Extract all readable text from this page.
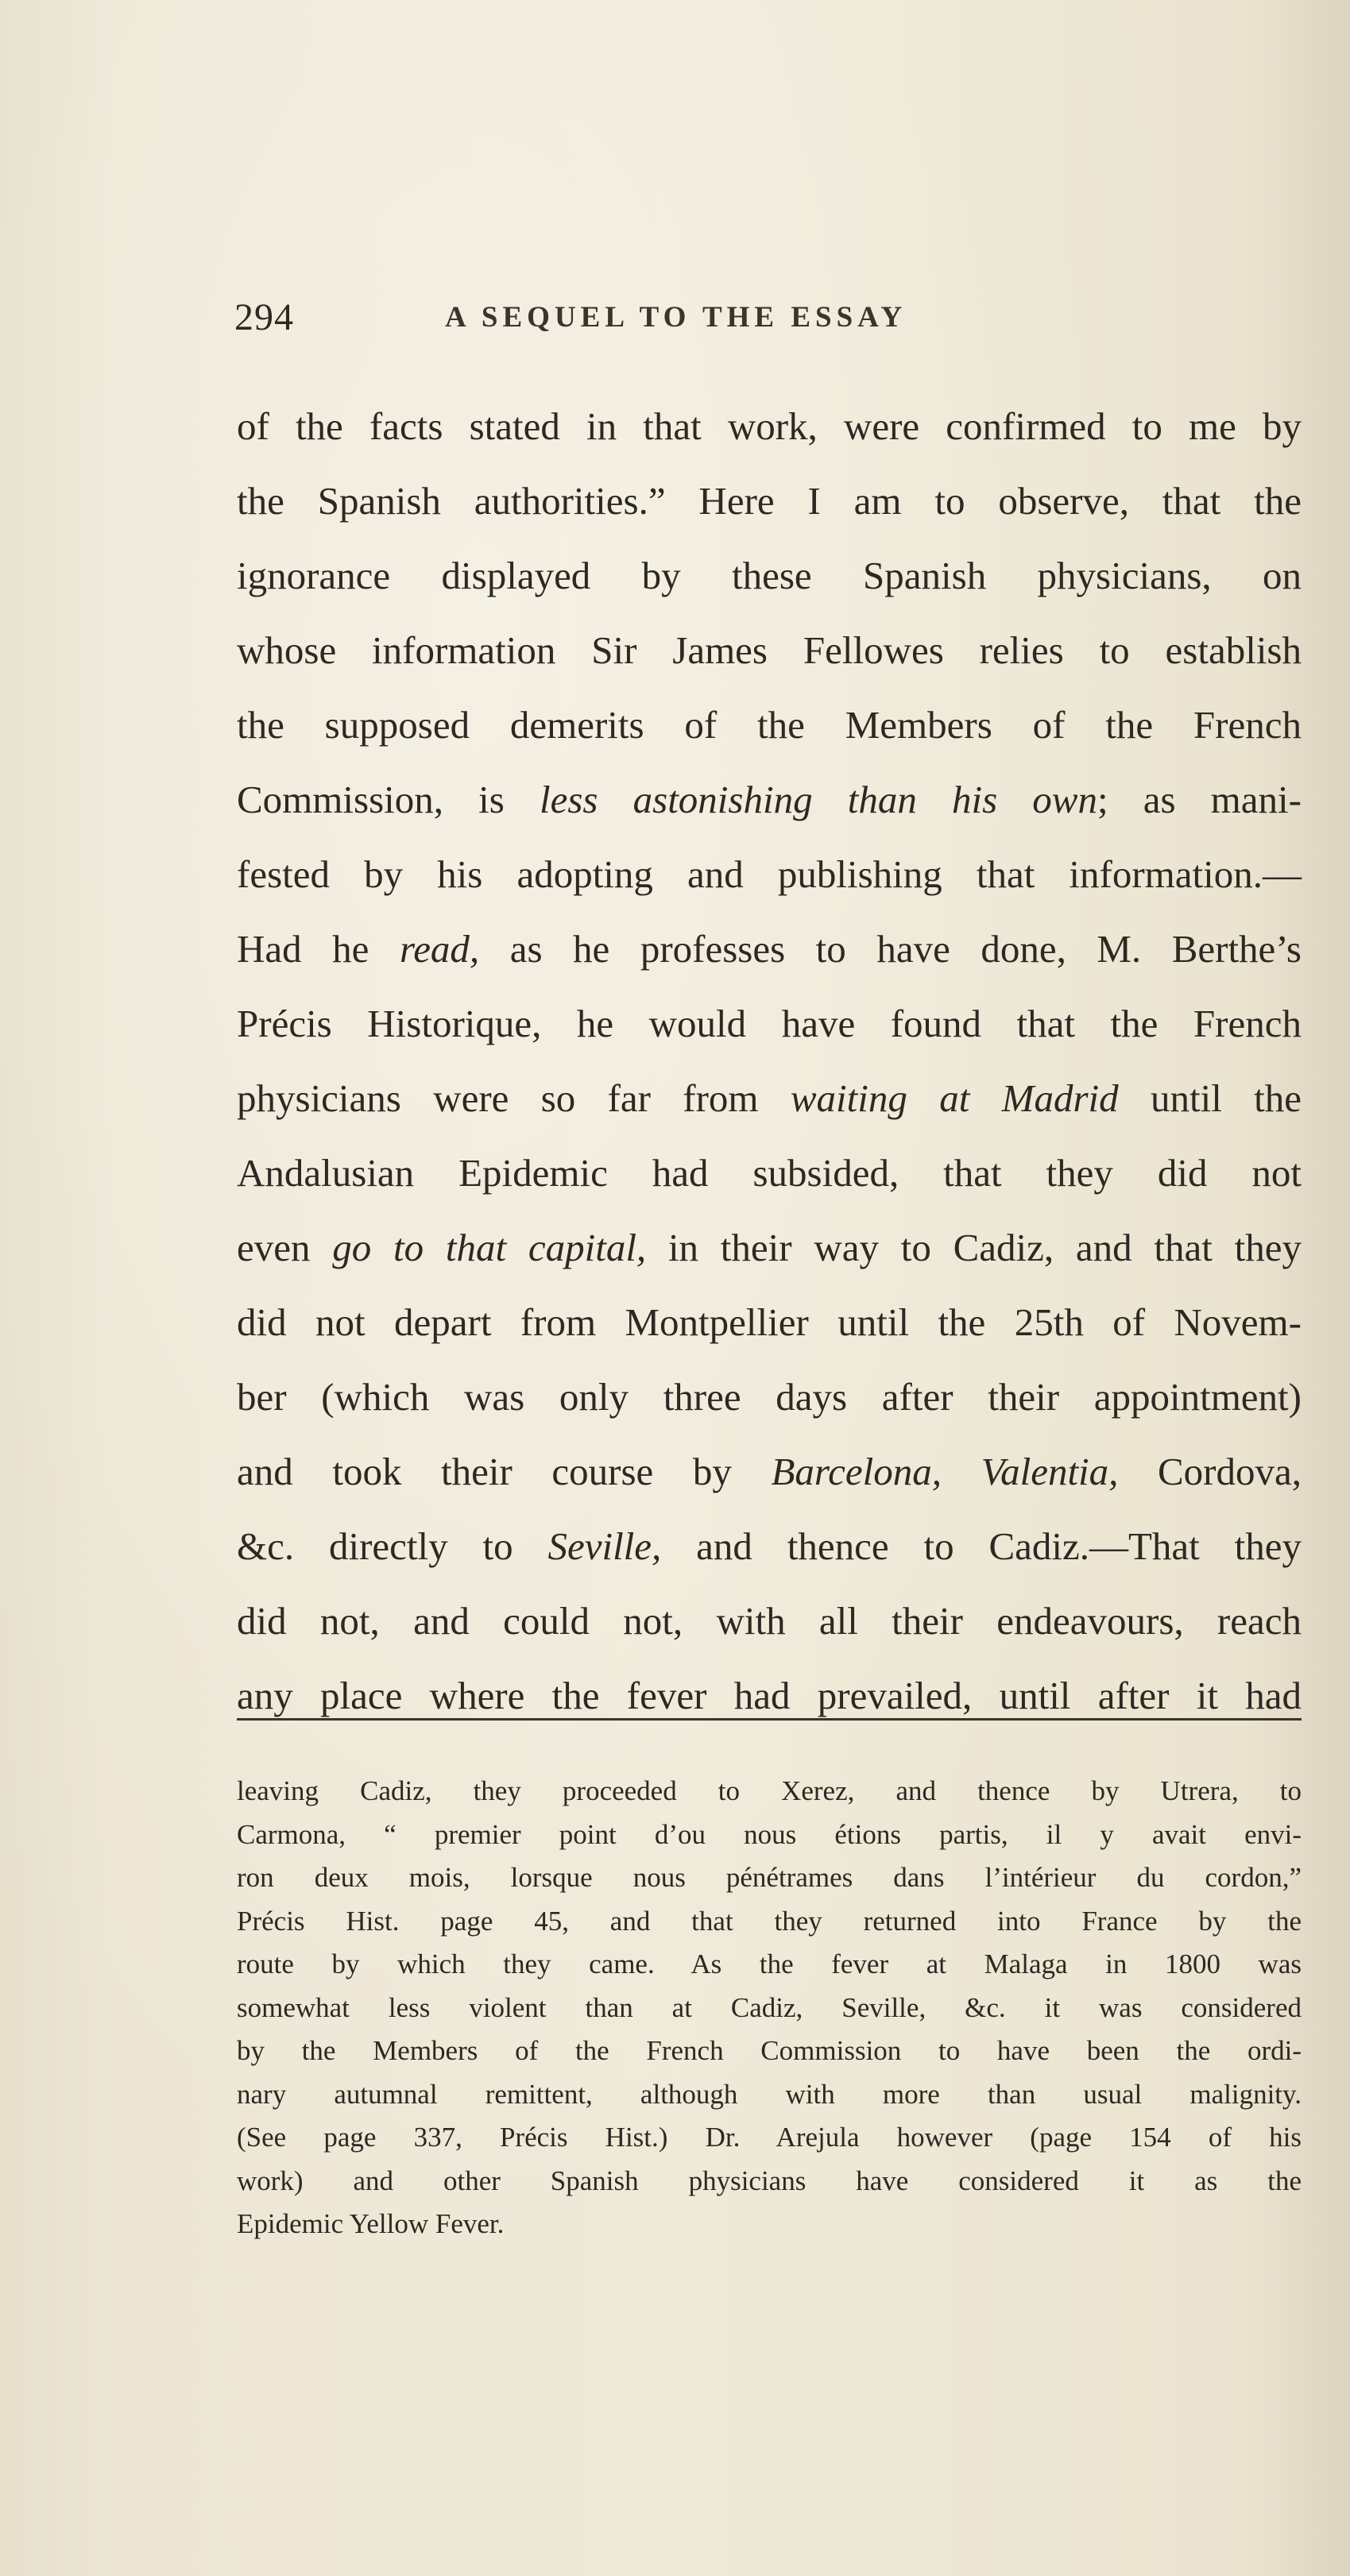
294	A SEQUEL TO THE ESSAY
of the facts stated in that work, were confirmed to me by
the Spanish authorities.” Here I am to observe, that the
ignorance displayed by these Spanish physicians, on
whose information Sir James Fellowes relies to establish
the supposed demerits of the Members of the French
Commission, is less astonishing than his own; as mani-
fested by his adopting and publishing that information.—
Had he read, as he professes to have done, M. Berthe’s
Précis Historique, he would have found that the French
physicians were so far from waiting at Madrid until the
Andalusian Epidemic had subsided, that they did not
even go to that capital, in their way to Cadiz, and that they
did not depart from Montpellier until the 25th of Novem-
ber (which was only three days after their appointment)
and took their course by Barcelona, Valentia, Cordova,
&c. directly to Seville, and thence to Cadiz.—That they
did not, and could not, with all their endeavours, reach
any place where the fever had prevailed, until after it had
leaving Cadiz, they proceeded to Xerez, and thence by Utrera, to
Carmona, “ premier point d’ou nous étions partis, il y avait envi-
ron deux mois, lorsque nous pénétrames dans l’intérieur du cordon,”
Précis Hist. page 45, and that they returned into France by the
route by which they came. As the fever at Malaga in 1800 was
somewhat less violent than at Cadiz, Seville, &c. it was considered
by the Members of the French Commission to have been the ordi-
nary autumnal remittent, although with more than usual malignity.
(See page 337, Précis Hist.) Dr. Arejula however (page 154 of his
work) and other Spanish physicians have considered it as the
Epidemic Yellow Fever.
